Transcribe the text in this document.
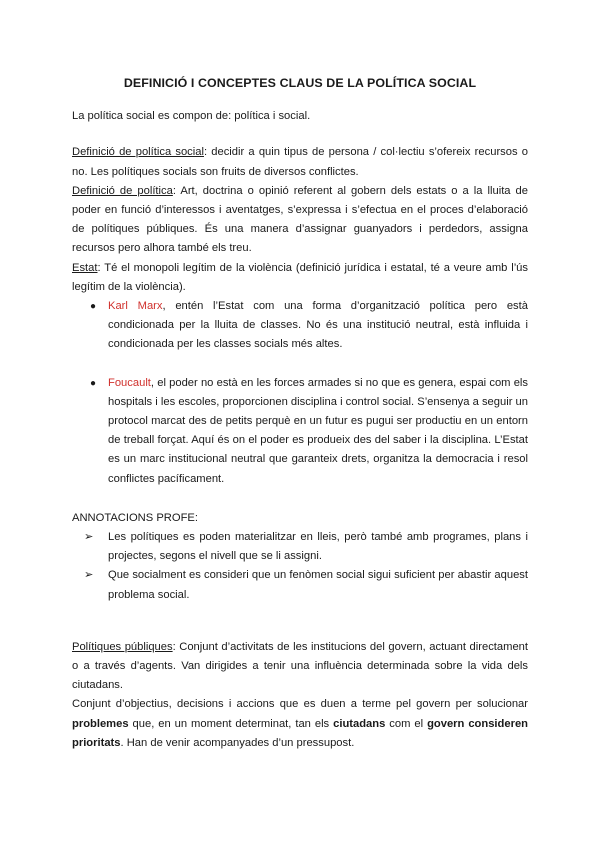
DEFINICIÓ I CONCEPTES CLAUS DE LA POLÍTICA SOCIAL

La política social es compon de: política i social.

Definició de política social: decidir a quin tipus de persona / col·lectiu s’ofereix recursos o no. Les polítiques socials son fruits de diversos conflictes.

Definició de política: Art, doctrina o opinió referent al gobern dels estats o a la lluita de poder en funció d’interessos i aventatges, s’expressa i s’efectua en el proces d’elaboració de polítiques públiques. És una manera d’assignar guanyadors i perdedors, assigna recursos pero alhora també els treu.

Estat: Té el monopoli legítim de la violència (definició jurídica i estatal, té a veure amb l’ús legítim de la violència).

● Karl Marx, entén l’Estat com una forma d’organització política pero està condicionada per la lluita de classes. No és una institució neutral, està influida i condicionada per les classes socials més altes.
● Foucault, el poder no està en les forces armades si no que es genera, espai com els hospitals i les escoles, proporcionen disciplina i control social. S’ensenya a seguir un protocol marcat des de petits perquè en un futur es pugui ser productiu en un entorn de treball forçat. Aquí és on el poder es produeix des del saber i la disciplina. L’Estat es un marc institucional neutral que garanteix drets, organitza la democracia i resol conflictes pacíficament.

ANNOTACIONS PROFE:

➢ Les polítiques es poden materialitzar en lleis, però també amb programes, plans i projectes, segons el nivell que se li assigni.
➢ Que socialment es consideri que un fenòmen social sigui suficient per abastir aquest problema social.

Polítiques públiques: Conjunt d’activitats de les institucions del govern, actuant directament o a través d’agents. Van dirigides a tenir una influència determinada sobre la vida dels ciutadans.

Conjunt d’objectius, decisions i accions que es duen a terme pel govern per solucionar problemes que, en un moment determinat, tan els ciutadans com el govern consideren prioritats. Han de venir acompanyades d’un pressupost.
